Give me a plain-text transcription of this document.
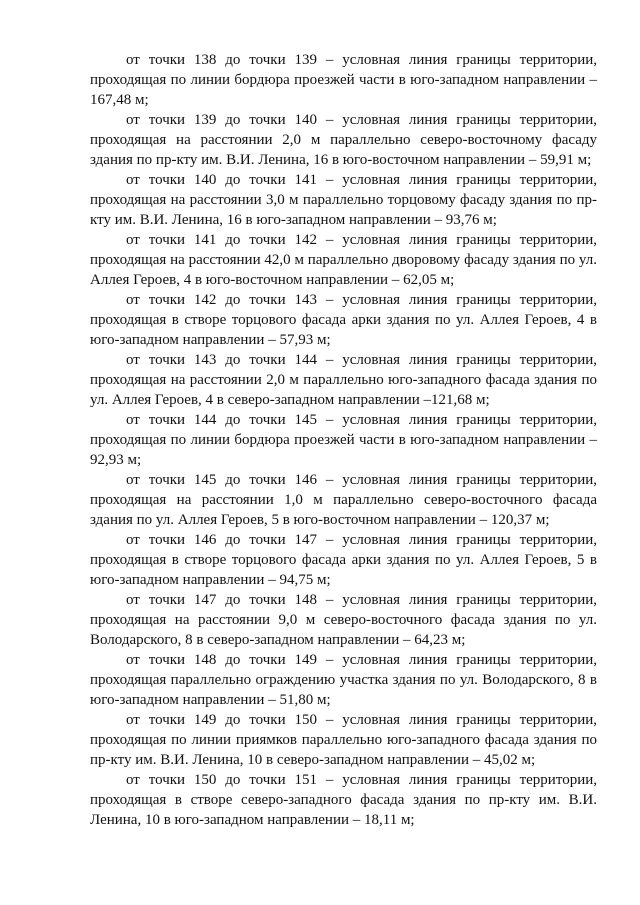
от точки 138 до точки 139 – условная линия границы территории, проходящая по линии бордюра проезжей части в юго-западном направлении – 167,48 м;

от точки 139 до точки 140 – условная линия границы территории, проходящая на расстоянии 2,0 м параллельно северо-восточному фасаду здания по пр-кту им. В.И. Ленина, 16 в юго-восточном направлении – 59,91 м;

от точки 140 до точки 141 – условная линия границы территории, проходящая на расстоянии 3,0 м параллельно торцовому фасаду здания по пр-кту им. В.И. Ленина, 16 в юго-западном направлении – 93,76 м;

от точки 141 до точки 142 – условная линия границы территории, проходящая на расстоянии 42,0 м параллельно дворовому фасаду здания по ул. Аллея Героев, 4 в юго-восточном направлении – 62,05 м;

от точки 142 до точки 143 – условная линия границы территории, проходящая в створе торцового фасада арки здания по ул. Аллея Героев, 4 в юго-западном направлении – 57,93 м;

от точки 143 до точки 144 – условная линия границы территории, проходящая на расстоянии 2,0 м параллельно юго-западного фасада здания по ул. Аллея Героев, 4 в северо-западном направлении –121,68 м;

от точки 144 до точки 145 – условная линия границы территории, проходящая по линии бордюра проезжей части в юго-западном направлении –92,93 м;

от точки 145 до точки 146 – условная линия границы территории, проходящая на расстоянии 1,0 м параллельно северо-восточного фасада здания по ул. Аллея Героев, 5 в юго-восточном направлении – 120,37 м;

от точки 146 до точки 147 – условная линия границы территории, проходящая в створе торцового фасада арки здания по ул. Аллея Героев, 5 в юго-западном направлении – 94,75 м;

от точки 147 до точки 148 – условная линия границы территории, проходящая на расстоянии 9,0 м северо-восточного фасада здания по ул. Володарского, 8 в северо-западном направлении – 64,23 м;

от точки 148 до точки 149 – условная линия границы территории, проходящая параллельно ограждению участка здания по ул. Володарского, 8 в юго-западном направлении – 51,80 м;

от точки 149 до точки 150 – условная линия границы территории, проходящая по линии приямков параллельно юго-западного фасада здания по пр-кту им. В.И. Ленина, 10 в северо-западном направлении – 45,02 м;

от точки 150 до точки 151 – условная линия границы территории, проходящая в створе северо-западного фасада здания по пр-кту им. В.И. Ленина, 10 в юго-западном направлении – 18,11 м;
